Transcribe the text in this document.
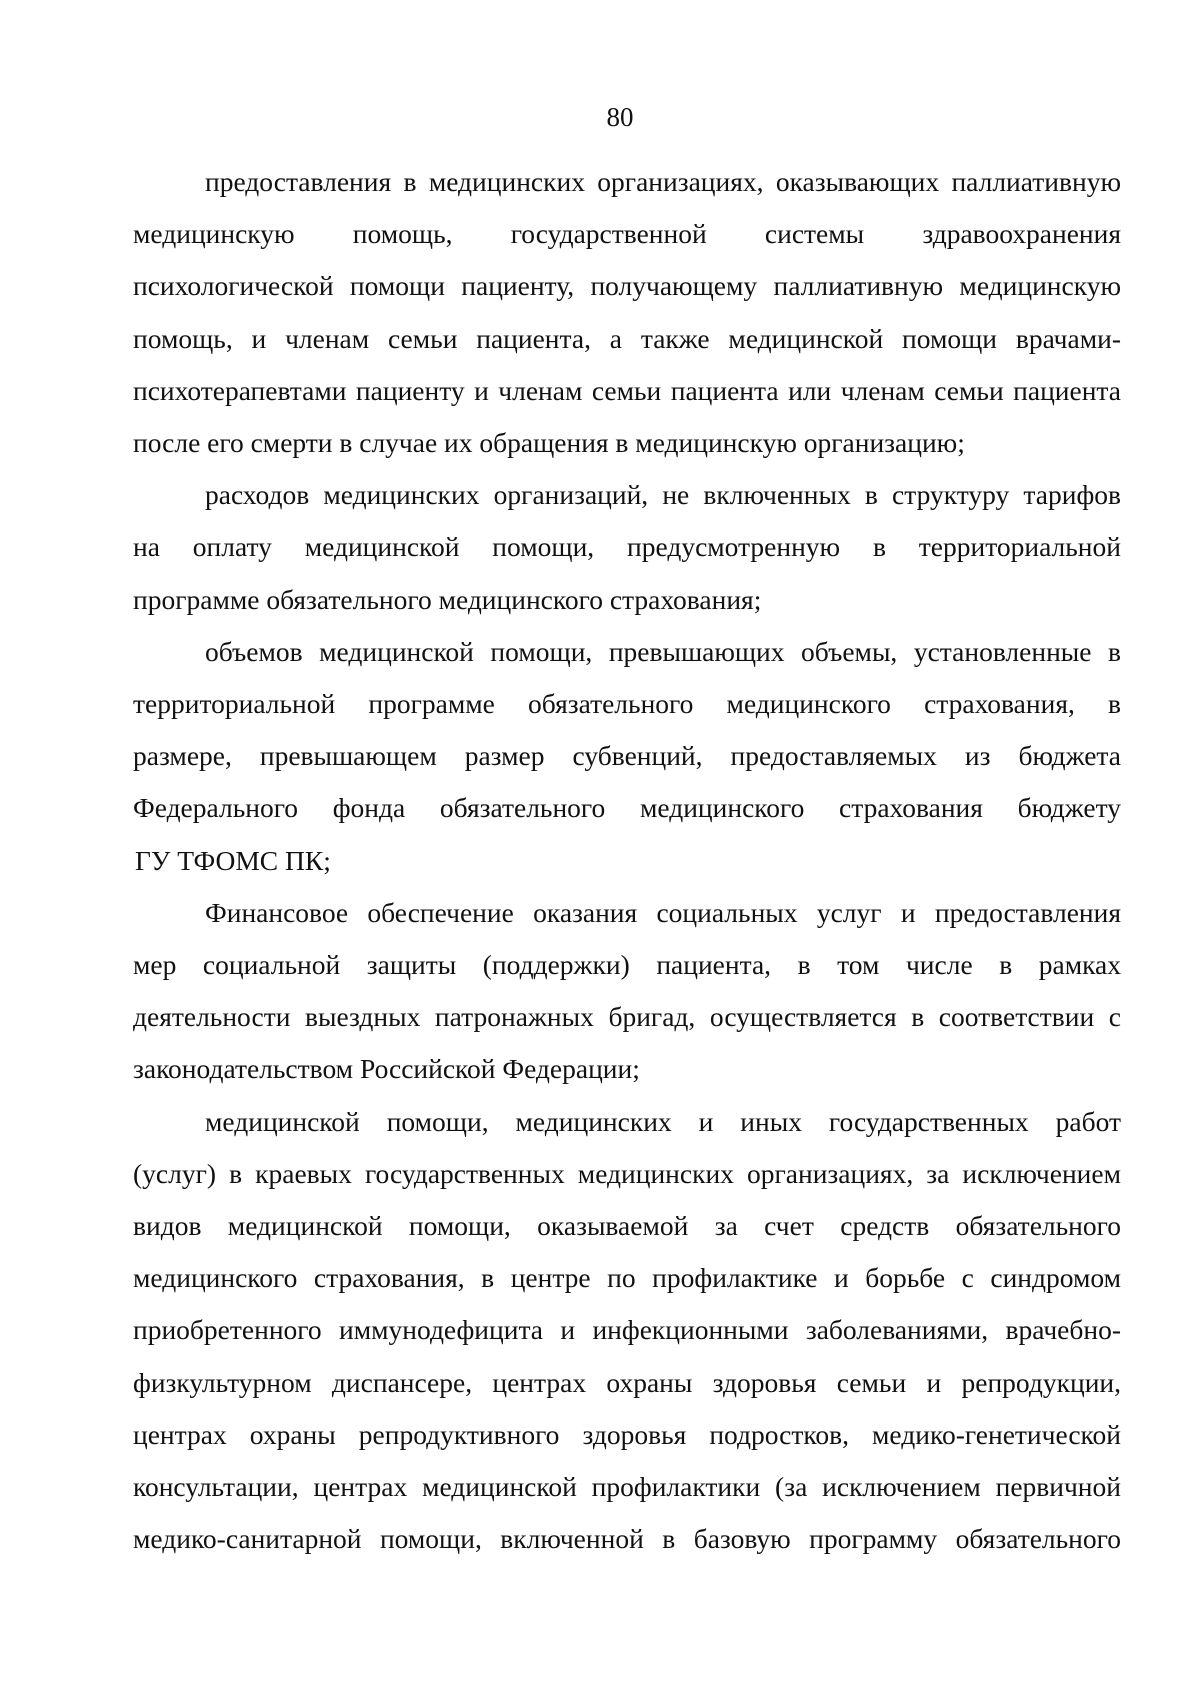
80
предоставления в медицинских организациях, оказывающих паллиативную
медицинскую помощь, государственной системы здравоохранения
психологической помощи пациенту, получающему паллиативную медицинскую
помощь, и членам семьи пациента, а также медицинской помощи врачами-
психотерапевтами пациенту и членам семьи пациента или членам семьи пациента
после его смерти в случае их обращения в медицинскую организацию;
расходов медицинских организаций, не включенных в структуру тарифов
на оплату медицинской помощи, предусмотренную в территориальной
программе обязательного медицинского страхования;
объемов медицинской помощи, превышающих объемы, установленные в
территориальной программе обязательного медицинского страхования, в
размере, превышающем размер субвенций, предоставляемых из бюджета
Федерального фонда обязательного медицинского страхования бюджету
ГУ ТФОМС ПК;
Финансовое обеспечение оказания социальных услуг и предоставления
мер социальной защиты (поддержки) пациента, в том числе в рамках
деятельности выездных патронажных бригад, осуществляется в соответствии с
законодательством Российской Федерации;
медицинской помощи, медицинских и иных государственных работ
(услуг) в краевых государственных медицинских организациях, за исключением
видов медицинской помощи, оказываемой за счет средств обязательного
медицинского страхования, в центре по профилактике и борьбе с синдромом
приобретенного иммунодефицита и инфекционными заболеваниями, врачебно-
физкультурном диспансере, центрах охраны здоровья семьи и репродукции,
центрах охраны репродуктивного здоровья подростков, медико-генетической
консультации, центрах медицинской профилактики (за исключением первичной
медико-санитарной помощи, включенной в базовую программу обязательного
